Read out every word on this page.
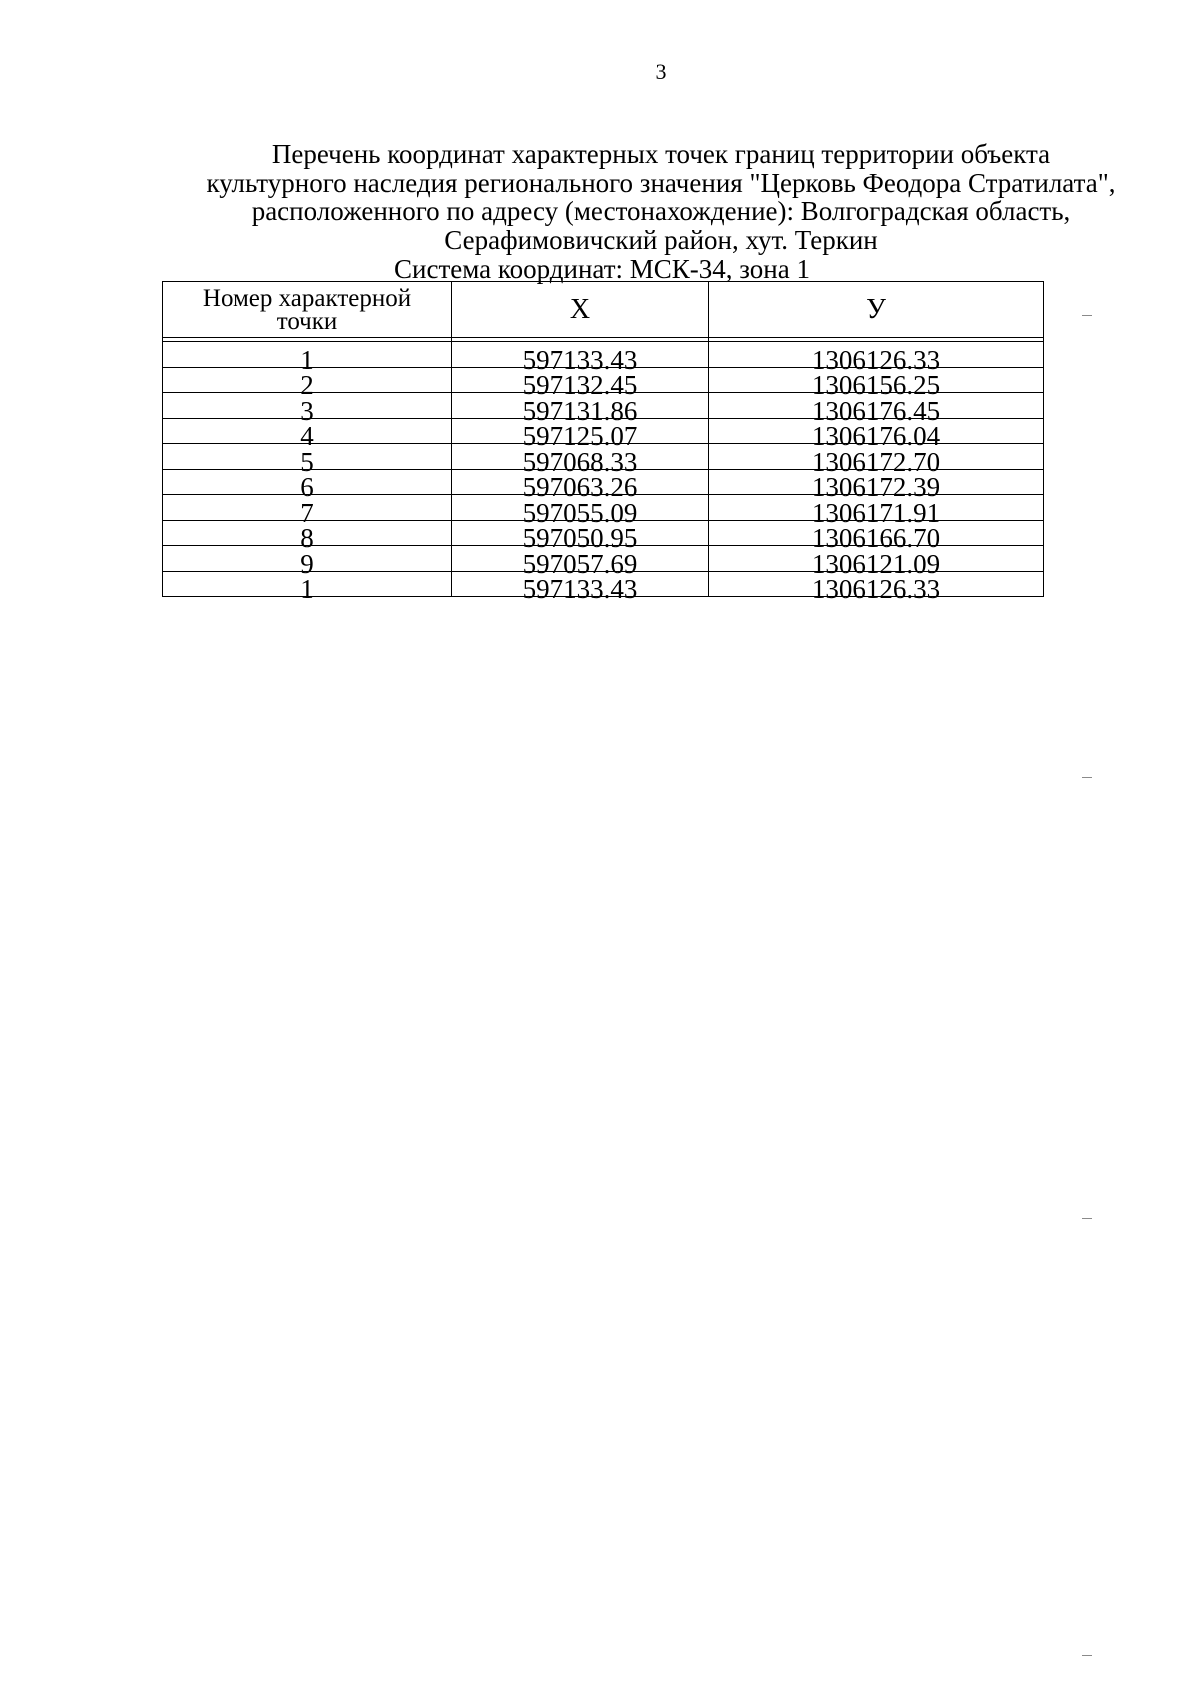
3
Перечень координат характерных точек границ территории объекта
культурного наследия регионального значения "Церковь Феодора Стратилата",
расположенного по адресу (местонахождение): Волгоградская область,
Серафимовичский район, хут. Теркин
Система координат: МСК-34, зона 1
Номер характерной
точки	X	У

1	597133.43	1306126.33
2	597132.45	1306156.25
3	597131.86	1306176.45
4	597125.07	1306176.04
5	597068.33	1306172.70
6	597063.26	1306172.39
7	597055.09	1306171.91
8	597050.95	1306166.70
9	597057.69	1306121.09
1	597133.43	1306126.33
